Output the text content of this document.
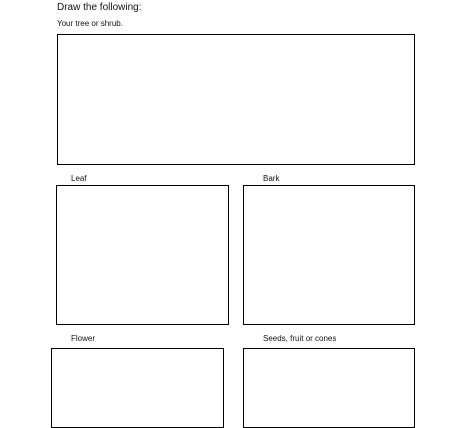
Draw the following:
Your tree or shrub.
Leaf	Bark
Flower	Seeds, fruit or cones
